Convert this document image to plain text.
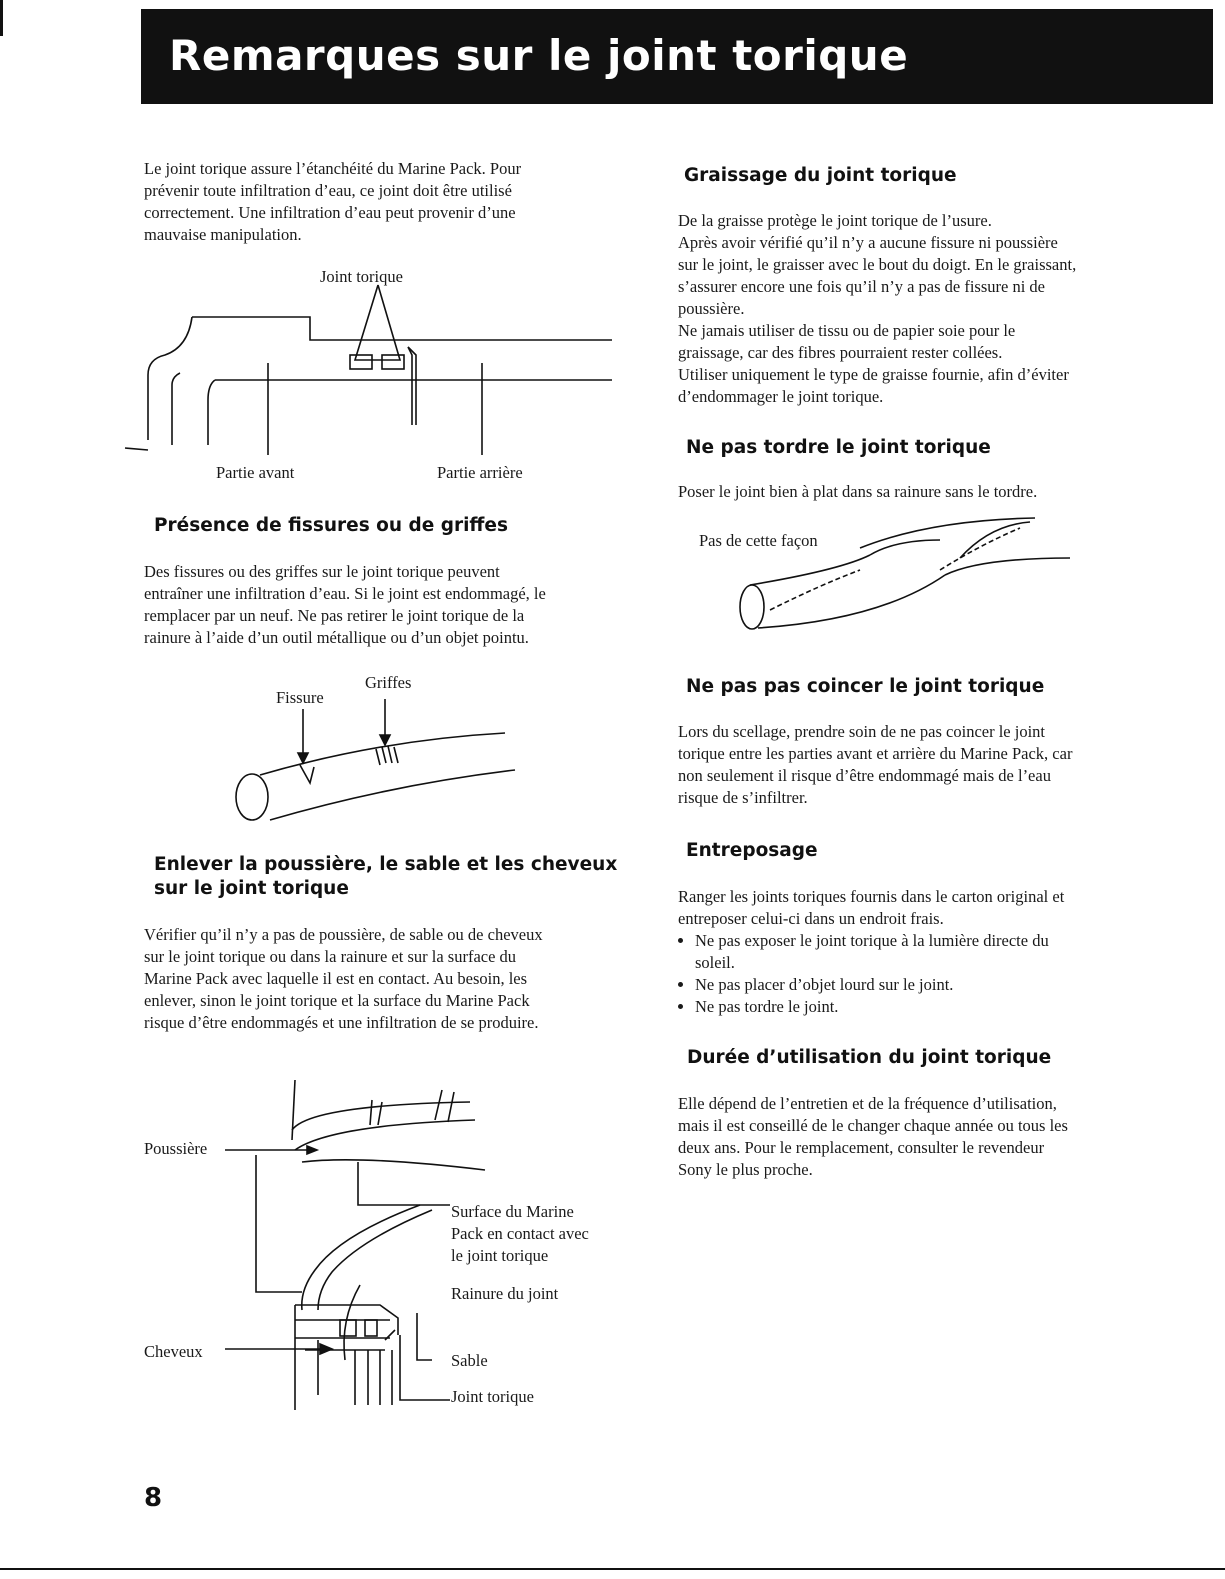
Remarques sur le joint torique

Le joint torique assure l’étanchéité du Marine Pack. Pour
prévenir toute infiltration d’eau, ce joint doit être utilisé
correctement. Une infiltration d’eau peut provenir d’une
mauvaise manipulation.

Joint torique
Partie avant	Partie arrière
Présence de fissures ou de griffes

Des fissures ou des griffes sur le joint torique peuvent
entraîner une infiltration d’eau. Si le joint est endommagé, le
remplacer par un neuf. Ne pas retirer le joint torique de la
rainure à l’aide d’un outil métallique ou d’un objet pointu.

Griffes
Fissure
Enlever la poussière, le sable et les cheveux
sur le joint torique

Vérifier qu’il n’y a pas de poussière, de sable ou de cheveux
sur le joint torique ou dans la rainure et sur la surface du
Marine Pack avec laquelle il est en contact. Au besoin, les
enlever, sinon le joint torique et la surface du Marine Pack
risque d’être endommagés et une infiltration de se produire.

Poussière
Cheveux
Surface du Marine
Pack en contact avec
le joint torique
Rainure du joint
Sable
Joint torique
Graissage du joint torique

De la graisse protège le joint torique de l’usure.
Après avoir vérifié qu’il n’y a aucune fissure ni poussière
sur le joint, le graisser avec le bout du doigt. En le graissant,
s’assurer encore une fois qu’il n’y a pas de fissure ni de
poussière.
Ne jamais utiliser de tissu ou de papier soie pour le
graissage, car des fibres pourraient rester collées.
Utiliser uniquement le type de graisse fournie, afin d’éviter
d’endommager le joint torique.

Ne pas tordre le joint torique

Poser le joint bien à plat dans sa rainure sans le tordre.

Pas de cette façon
Ne pas pas coincer le joint torique

Lors du scellage, prendre soin de ne pas coincer le joint
torique entre les parties avant et arrière du Marine Pack, car
non seulement il risque d’être endommagé mais de l’eau
risque de s’infiltrer.

Entreposage

Ranger les joints toriques fournis dans le carton original et
entreposer celui-ci dans un endroit frais.

• Ne pas exposer le joint torique à la lumière directe du
soleil.
• Ne pas placer d’objet lourd sur le joint.
• Ne pas tordre le joint.
Durée d’utilisation du joint torique

Elle dépend de l’entretien et de la fréquence d’utilisation,
mais il est conseillé de le changer chaque année ou tous les
deux ans. Pour le remplacement, consulter le revendeur
Sony le plus proche.

8
